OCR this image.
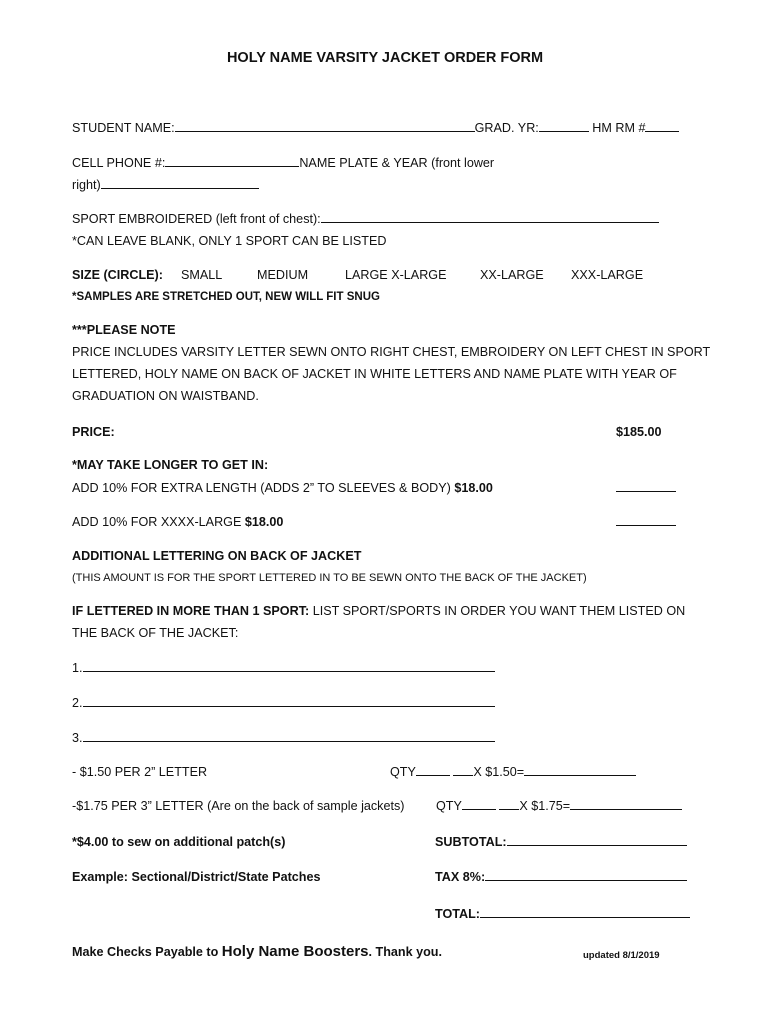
HOLY NAME VARSITY JACKET ORDER FORM
STUDENT NAME:	GRAD. YR:	HM RM #
CELL PHONE #:	NAME PLATE & YEAR (front lower
right)
SPORT EMBROIDERED (left front of chest):
*CAN LEAVE BLANK, ONLY 1 SPORT CAN BE LISTED
SIZE (CIRCLE): SMALL	MEDIUM	LARGE X-LARGE	XX-LARGE XXX-LARGE
*SAMPLES ARE STRETCHED OUT, NEW WILL FIT SNUG
***PLEASE NOTE
PRICE INCLUDES VARSITY LETTER SEWN ONTO RIGHT CHEST, EMBROIDERY ON LEFT CHEST IN SPORT
LETTERED, HOLY NAME ON BACK OF JACKET IN WHITE LETTERS AND NAME PLATE WITH YEAR OF
GRADUATION ON WAISTBAND.
PRICE:	$185.00
*MAY TAKE LONGER TO GET IN:
ADD 10% FOR EXTRA LENGTH (ADDS 2” TO SLEEVES & BODY) $18.00
ADD 10% FOR XXXX-LARGE $18.00
ADDITIONAL LETTERING ON BACK OF JACKET
(THIS AMOUNT IS FOR THE SPORT LETTERED IN TO BE SEWN ONTO THE BACK OF THE JACKET)
IF LETTERED IN MORE THAN 1 SPORT: LIST SPORT/SPORTS IN ORDER YOU WANT THEM LISTED ON
THE BACK OF THE JACKET:
1.
2.
3.
- $1.50 PER 2” LETTER	QTY	X $1.50=
-$1.75 PER 3” LETTER (Are on the back of sample jackets)	QTY	X $1.75=
*$4.00 to sew on additional patch(s)	SUBTOTAL:
Example: Sectional/District/State Patches	TAX 8%:
TOTAL:
Make Checks Payable to Holy Name Boosters. Thank you.	updated 8/1/2019
